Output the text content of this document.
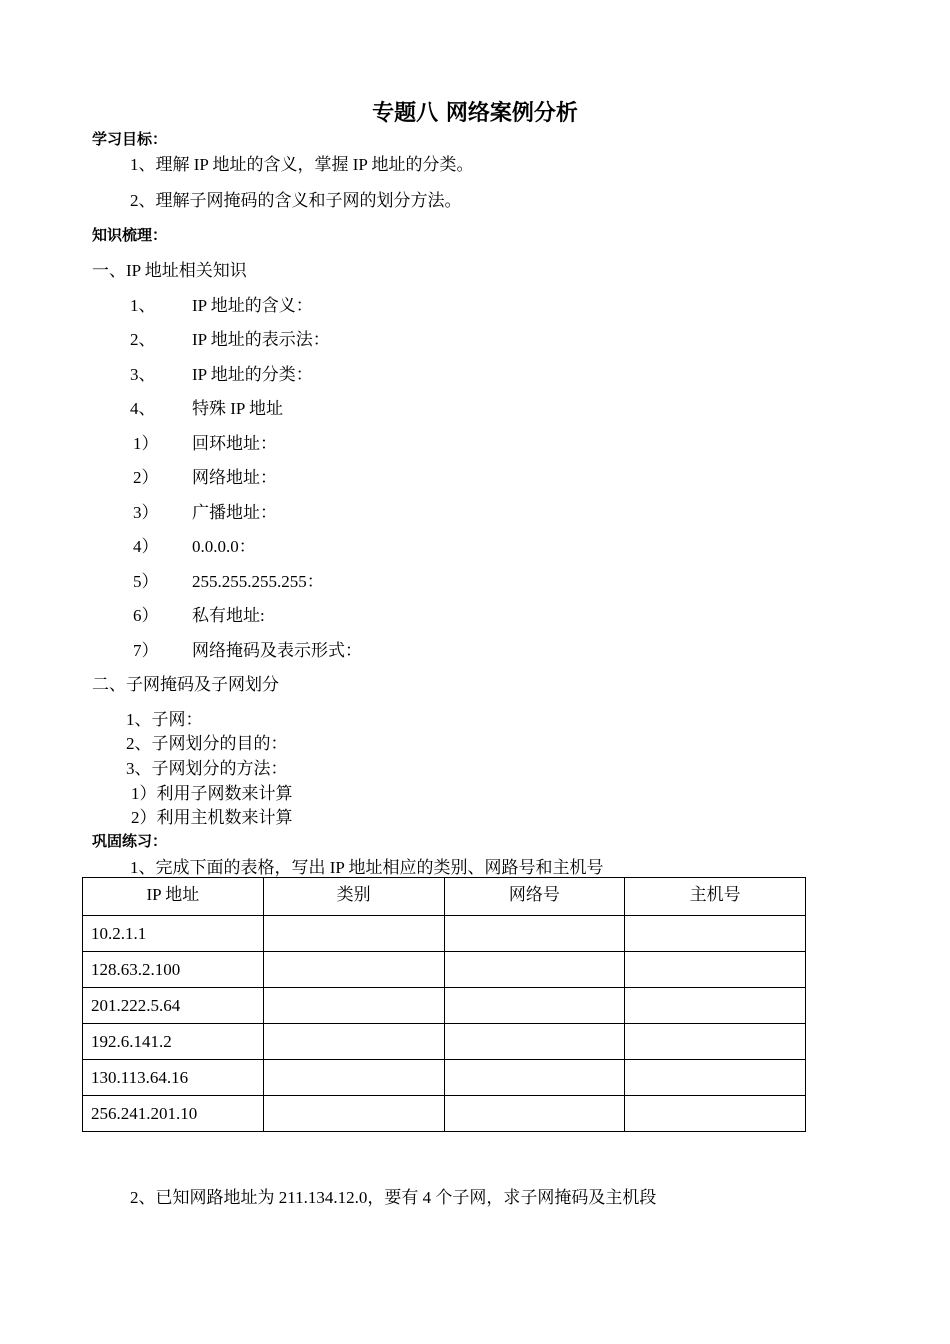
专题八 网络案例分析
学习目标：
1、理解 IP 地址的含义，掌握 IP 地址的分类。
2、理解子网掩码的含义和子网的划分方法。
知识梳理：
一、IP 地址相关知识
1、 IP 地址的含义：
2、 IP 地址的表示法：
3、 IP 地址的分类：
4、 特殊 IP 地址
1） 回环地址：
2） 网络地址：
3） 广播地址：
4） 0.0.0.0：
5） 255.255.255.255：
6） 私有地址:
7） 网络掩码及表示形式：
二、子网掩码及子网划分
1、子网：
2、子网划分的目的：
3、子网划分的方法：
1）利用子网数来计算
2）利用主机数来计算
巩固练习：
1、完成下面的表格，写出 IP 地址相应的类别、网路号和主机号
IP 地址	类别	网络号	主机号
10.2.1.1			
128.63.2.100			
201.222.5.64			
192.6.141.2			
130.113.64.16			
256.241.201.10			
2、已知网路地址为 211.134.12.0，要有 4 个子网，求子网掩码及主机段
